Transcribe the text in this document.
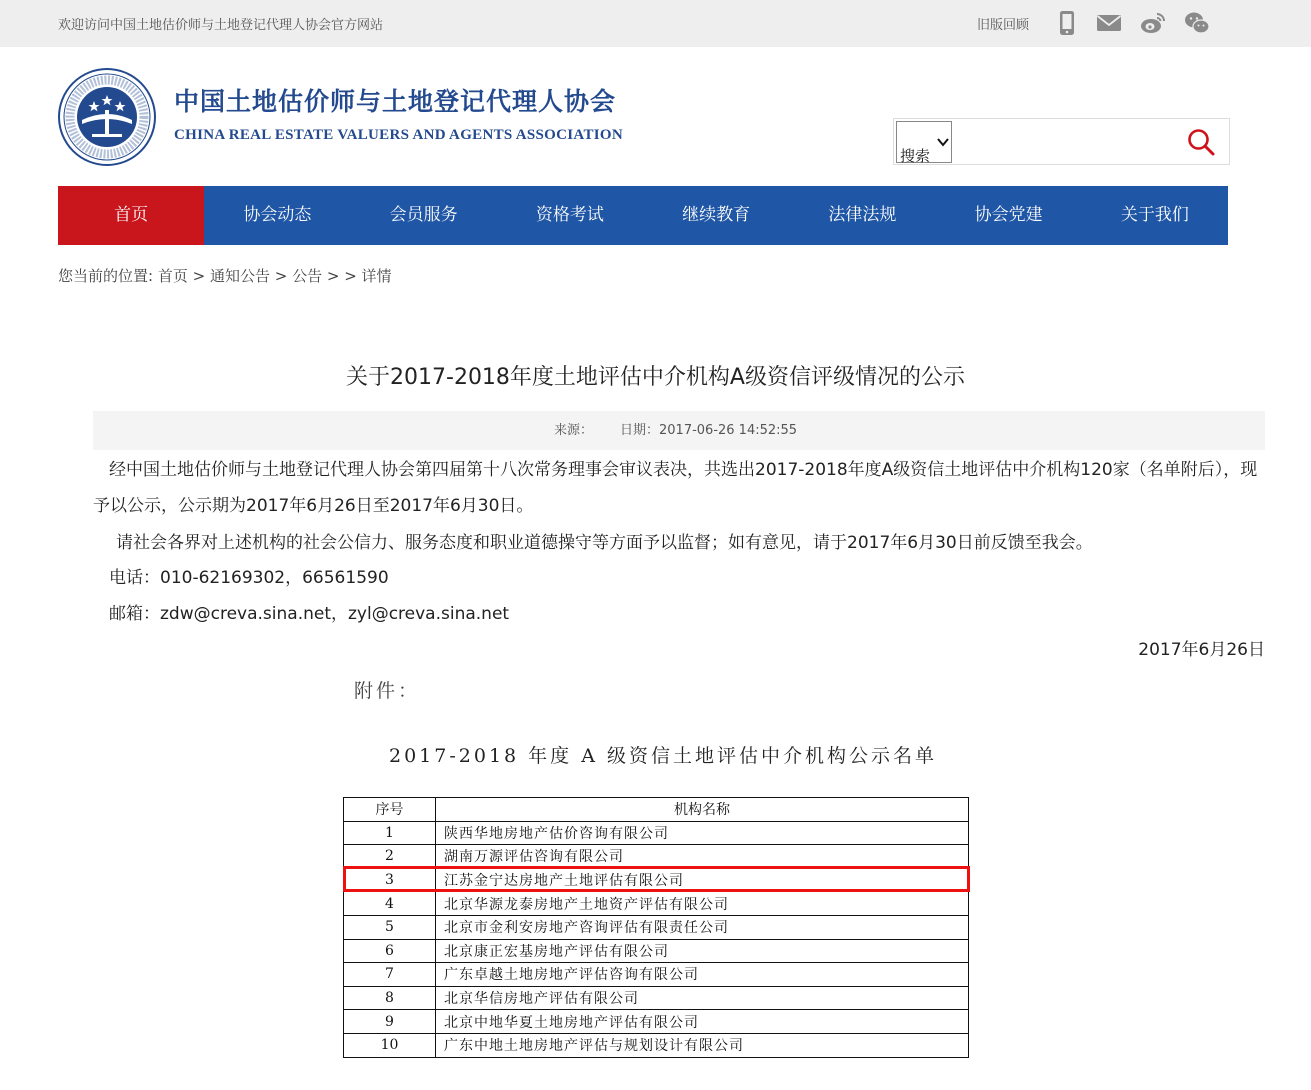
欢迎访问中国土地估价师与土地登记代理人协会官方网站	旧版回顾
中国土地估价师与土地登记代理人协会
CHINA REAL ESTATE VALUERS AND AGENTS ASSOCIATION
搜索
首页	协会动态	会员服务	资格考试	继续教育	法律法规	协会党建	关于我们
您当前的位置: 首页 > 通知公告 > 公告 > > 详情
关于2017-2018年度土地评估中介机构A级资信评级情况的公示
来源： 日期：2017-06-26 14:52:55
经中国土地估价师与土地登记代理人协会第四届第十八次常务理事会审议表决，共选出2017-2018年度A级资信土地评估中介机构120家（名单附后），现予以公示，公示期为2017年6月26日至2017年6月30日。
请社会各界对上述机构的社会公信力、服务态度和职业道德操守等方面予以监督；如有意见，请于2017年6月30日前反馈至我会。
电话：010-62169302，66561590
邮箱：zdw@creva.sina.net，zyl@creva.sina.net
2017年6月26日
附件：
2017-2018 年度 A 级资信土地评估中介机构公示名单
序号	机构名称
1	陕西华地房地产估价咨询有限公司
2	湖南万源评估咨询有限公司
3	江苏金宁达房地产土地评估有限公司
4	北京华源龙泰房地产土地资产评估有限公司
5	北京市金利安房地产咨询评估有限责任公司
6	北京康正宏基房地产评估有限公司
7	广东卓越土地房地产评估咨询有限公司
8	北京华信房地产评估有限公司
9	北京中地华夏土地房地产评估有限公司
10	广东中地土地房地产评估与规划设计有限公司
